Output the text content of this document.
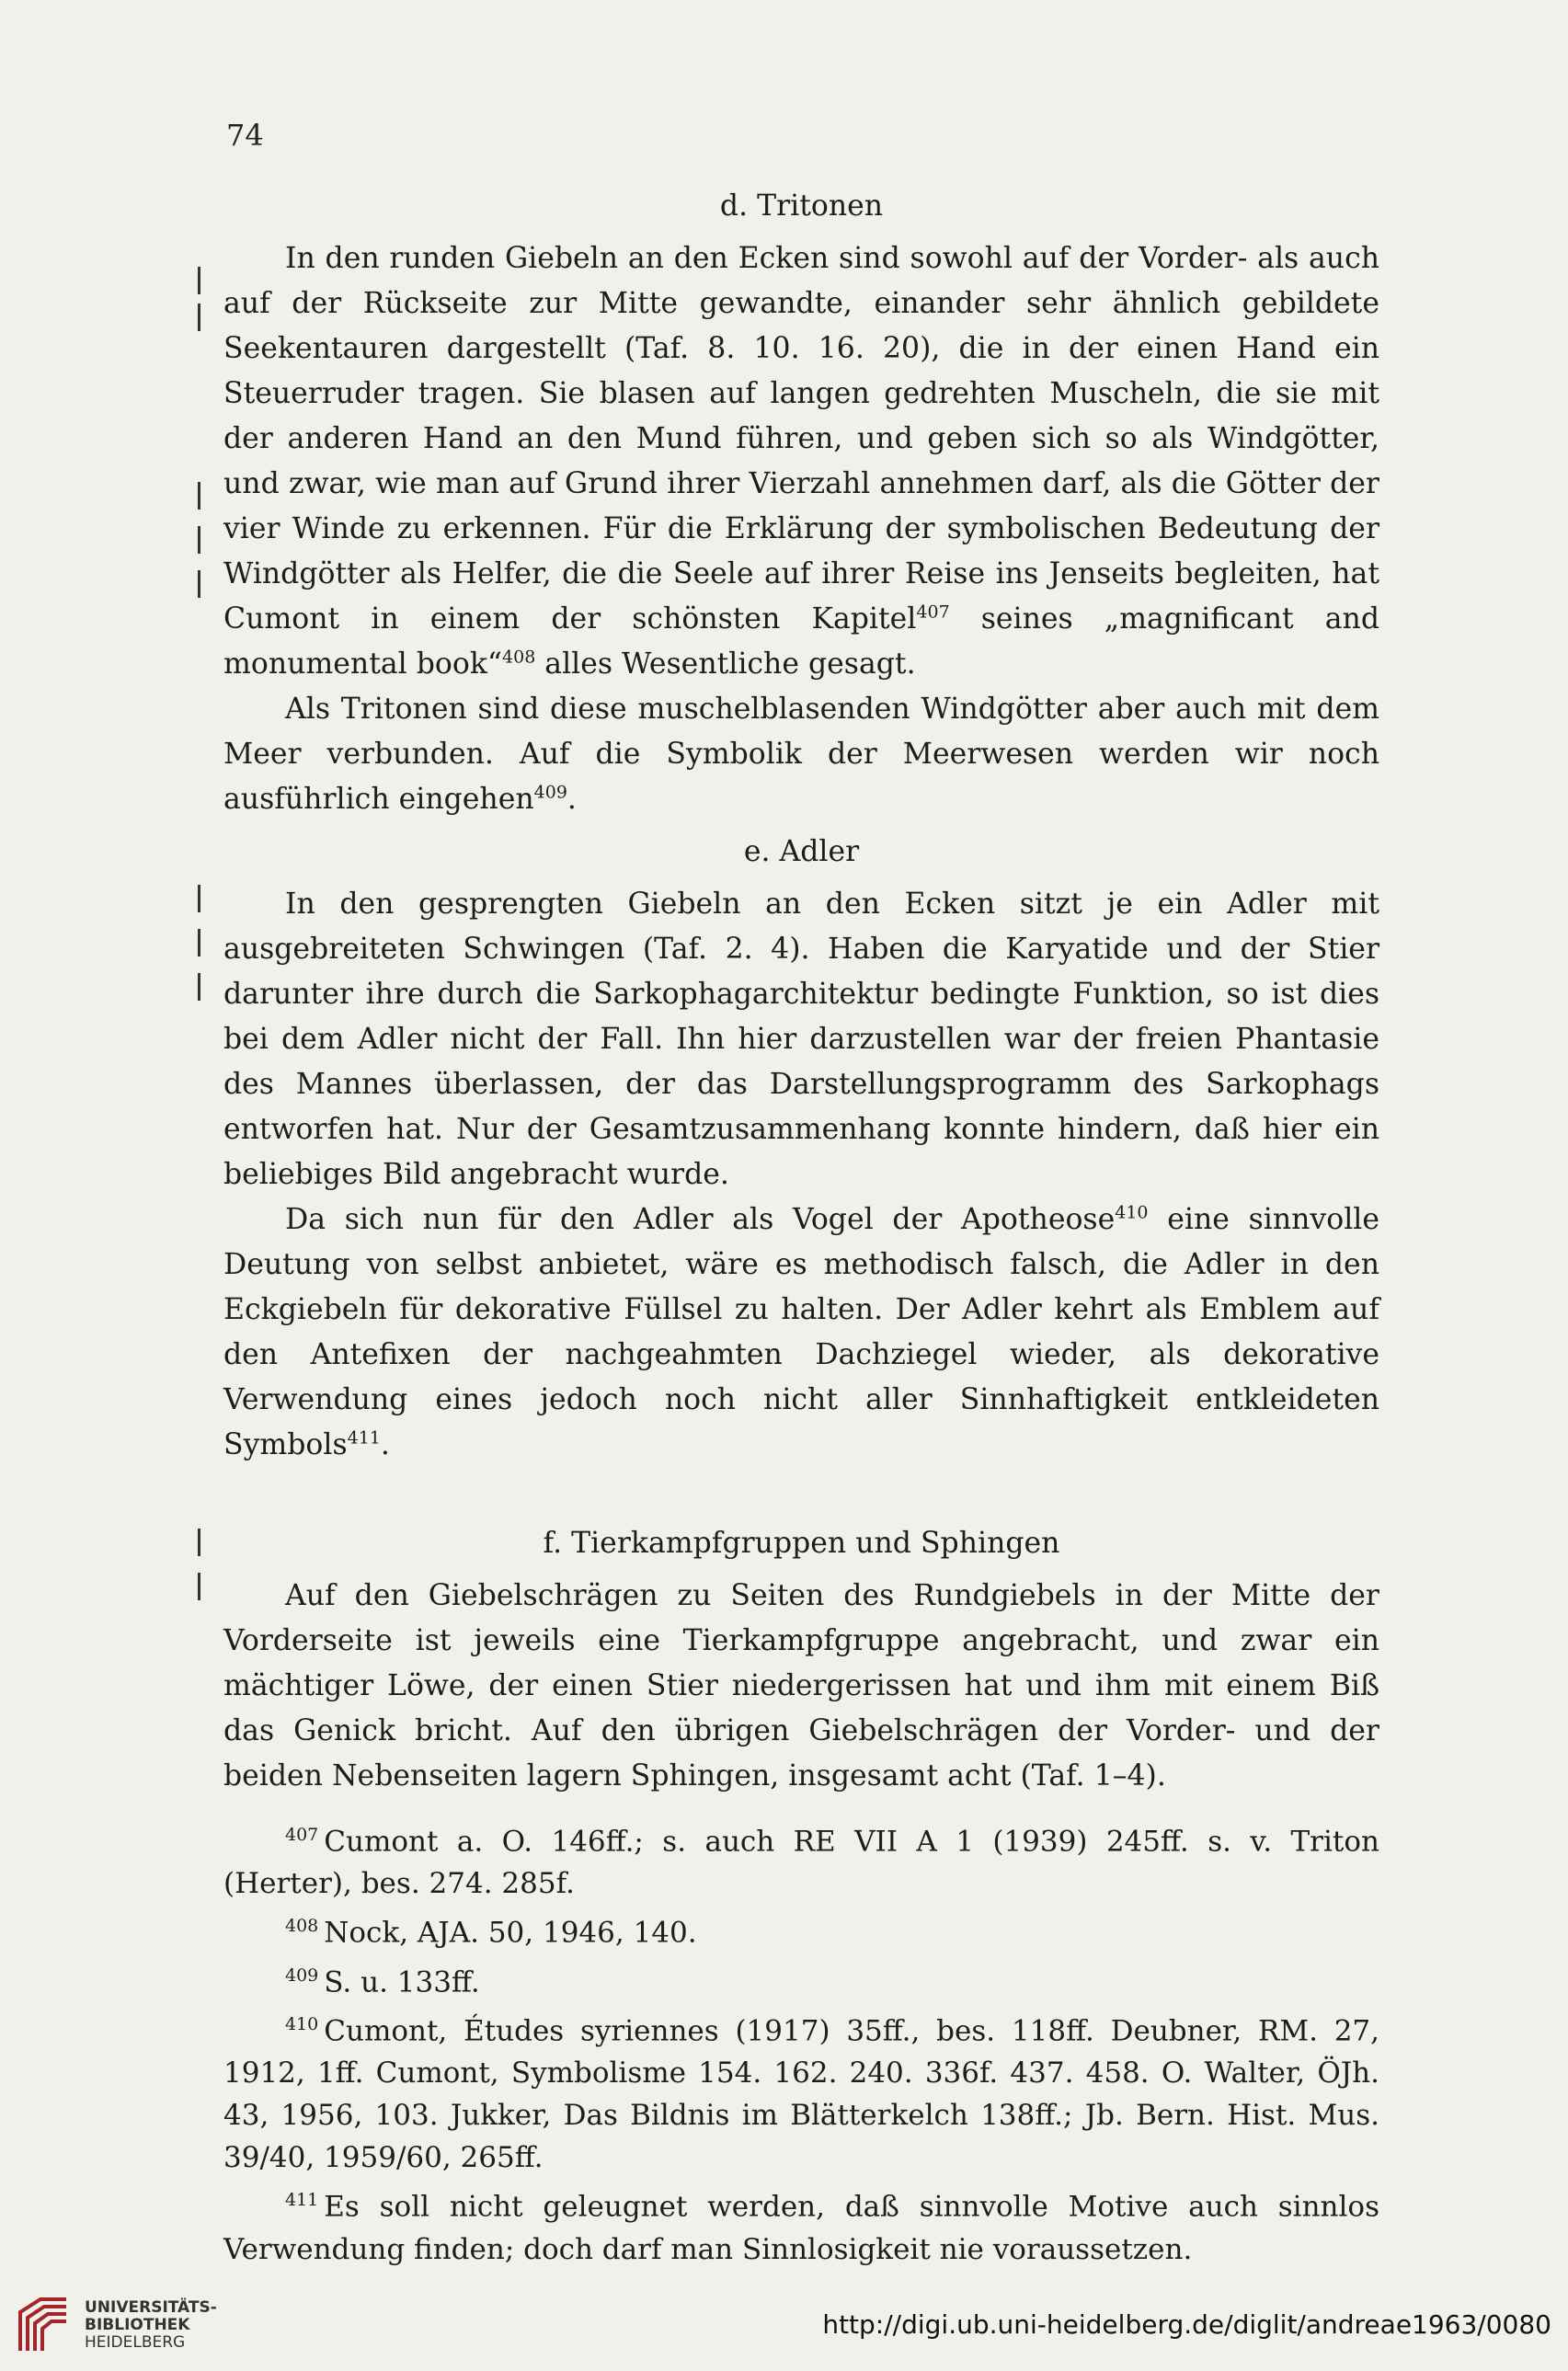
74

d. Tritonen

In den runden Giebeln an den Ecken sind sowohl auf der Vorder- als auch auf der Rückseite zur Mitte gewandte, einander sehr ähnlich gebildete Seekentauren dargestellt (Taf. 8. 10. 16. 20), die in der einen Hand ein Steuerruder tragen. Sie blasen auf langen gedrehten Muscheln, die sie mit der anderen Hand an den Mund führen, und geben sich so als Windgötter, und zwar, wie man auf Grund ihrer Vierzahl annehmen darf, als die Götter der vier Winde zu erkennen. Für die Erklärung der symbolischen Bedeutung der Windgötter als Helfer, die die Seele auf ihrer Reise ins Jenseits begleiten, hat Cumont in einem der schönsten Kapitel$^{407}$ seines „magnificant and monumental book“$^{408}$ alles Wesentliche gesagt.

Als Tritonen sind diese muschelblasenden Windgötter aber auch mit dem Meer verbunden. Auf die Symbolik der Meerwesen werden wir noch ausführlich eingehen$^{409}$.

e. Adler

In den gesprengten Giebeln an den Ecken sitzt je ein Adler mit ausgebreiteten Schwingen (Taf. 2. 4). Haben die Karyatide und der Stier darunter ihre durch die Sarkophagarchitektur bedingte Funktion, so ist dies bei dem Adler nicht der Fall. Ihn hier darzustellen war der freien Phantasie des Mannes überlassen, der das Darstellungsprogramm des Sarkophags entworfen hat. Nur der Gesamtzusammenhang konnte hindern, daß hier ein beliebiges Bild angebracht wurde.

Da sich nun für den Adler als Vogel der Apotheose$^{410}$ eine sinnvolle Deutung von selbst anbietet, wäre es methodisch falsch, die Adler in den Eckgiebeln für dekorative Füllsel zu halten. Der Adler kehrt als Emblem auf den Antefixen der nachgeahmten Dachziegel wieder, als dekorative Verwendung eines jedoch noch nicht aller Sinnhaftigkeit entkleideten Symbols$^{411}$.

f. Tierkampfgruppen und Sphingen

Auf den Giebelschrägen zu Seiten des Rundgiebels in der Mitte der Vorderseite ist jeweils eine Tierkampfgruppe angebracht, und zwar ein mächtiger Löwe, der einen Stier niedergerissen hat und ihm mit einem Biß das Genick bricht. Auf den übrigen Giebelschrägen der Vorder- und der beiden Nebenseiten lagern Sphingen, insgesamt acht (Taf. 1–4).

$^{407}$ Cumont a. O. 146ff.; s. auch RE VII A 1 (1939) 245ff. s. v. Triton (Herter), bes. 274. 285f.

$^{408}$ Nock, AJA. 50, 1946, 140.

$^{409}$ S. u. 133ff.

$^{410}$ Cumont, Études syriennes (1917) 35ff., bes. 118ff. Deubner, RM. 27, 1912, 1ff. Cumont, Symbolisme 154. 162. 240. 336f. 437. 458. O. Walter, ÖJh. 43, 1956, 103. Jukker, Das Bildnis im Blätterkelch 138ff.; Jb. Bern. Hist. Mus. 39/40, 1959/60, 265ff.

$^{411}$ Es soll nicht geleugnet werden, daß sinnvolle Motive auch sinnlos Verwendung finden; doch darf man Sinnlosigkeit nie voraussetzen.

UNIVERSITÄTS-
BIBLIOTHEK
HEIDELBERG
http://digi.ub.uni-heidelberg.de/diglit/andreae1963/0080
